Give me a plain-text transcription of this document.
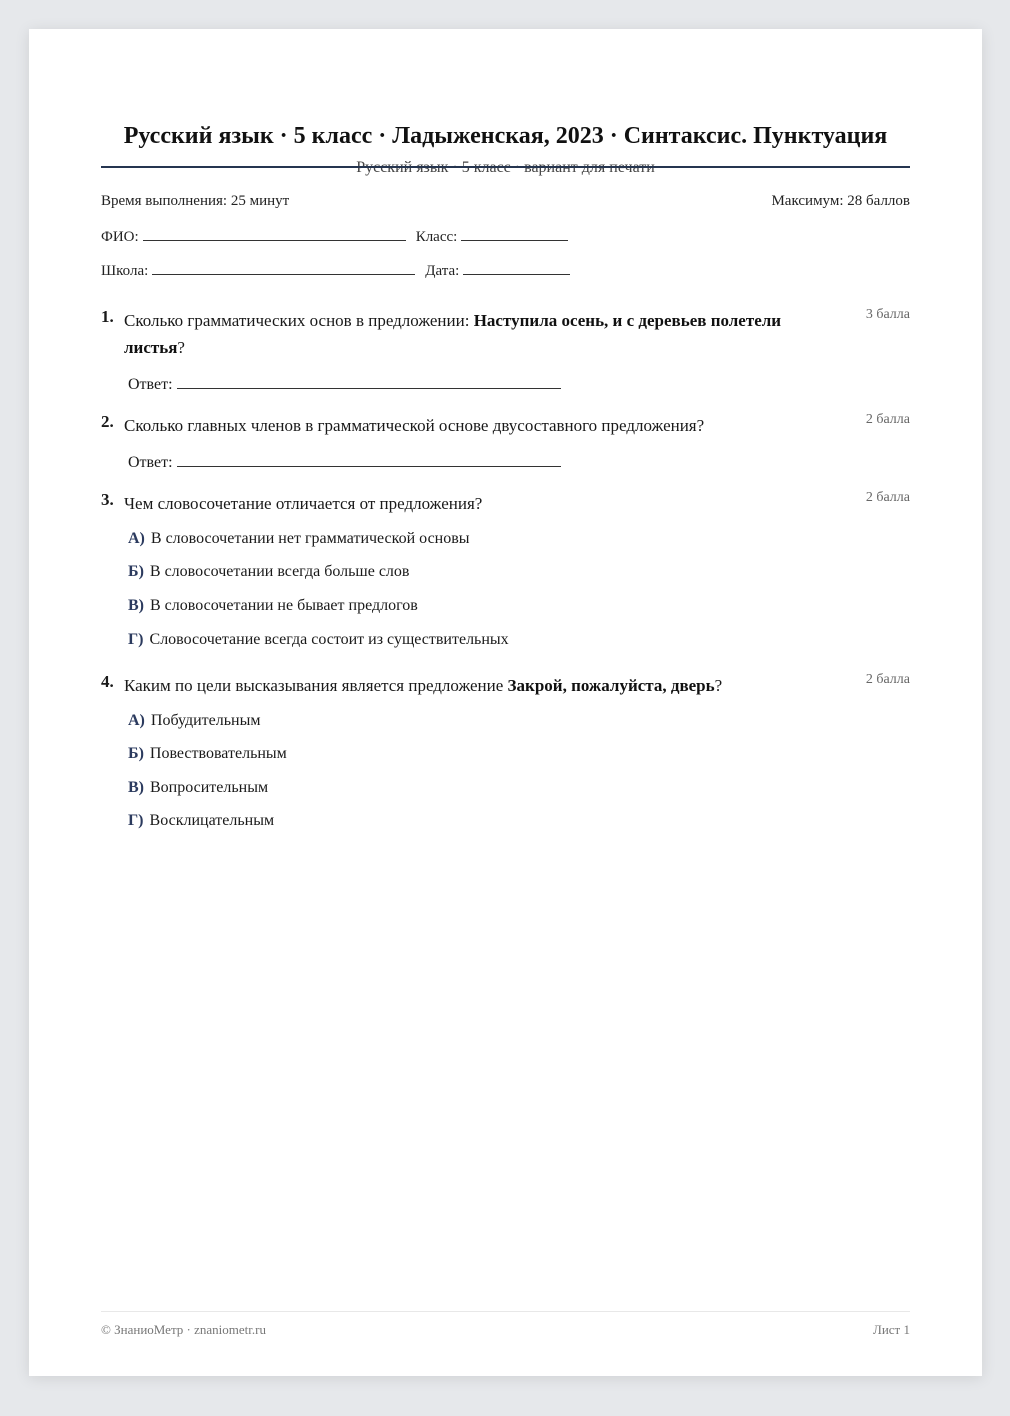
Русский язык · 5 класс · Ладыженская, 2023 · Синтаксис. Пунктуация
Время выполнения: 25 минут	Максимум: 28 баллов
ФИО:	Класс:
Школа:	Дата:
1. Сколько грамматических основ в предложении: Наступила осень, и с деревьев полетели листья?
3 балла
Ответ:
2. Сколько главных членов в грамматической основе двусоставного предложения?	2 балла
Ответ:
3. Чем словосочетание отличается от предложения?	2 балла
А) В словосочетании нет грамматической основы
Б) В словосочетании всегда больше слов
В) В словосочетании не бывает предлогов
Г) Словосочетание всегда состоит из существительных
4. Каким по цели высказывания является предложение Закрой, пожалуйста, дверь?	2 балла
А) Побудительным
Б) Повествовательным
В) Вопросительным
Г) Восклицательным
© ЗнаниоМетр · znaniometr.ru	Лист 1
